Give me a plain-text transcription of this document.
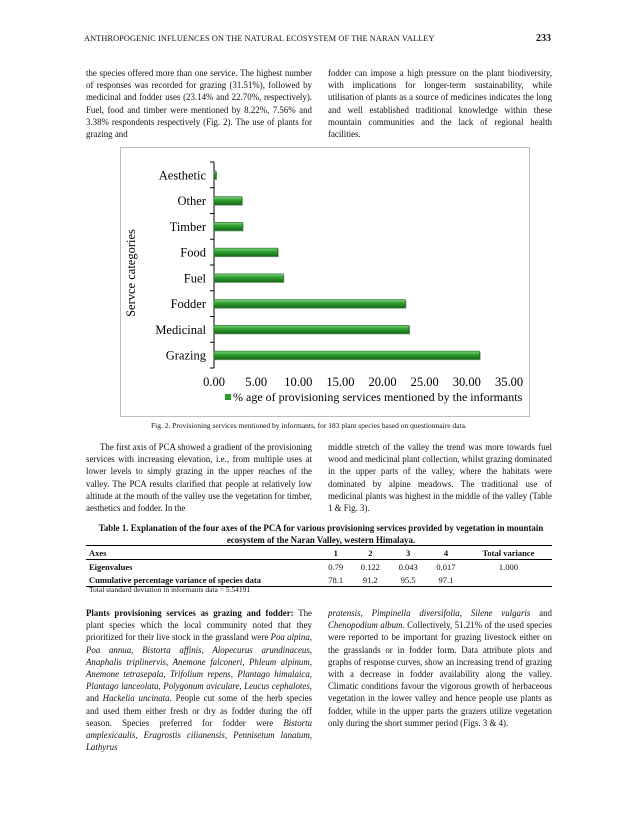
ANTHROPOGENIC INFLUENCES ON THE NATURAL ECOSYSTEM OF THE NARAN VALLEY	233

the species offered more than one service. The highest number of responses was recorded for grazing (31.51%), followed by medicinal and fodder uses (23.14% and 22.70%, respectively). Fuel, food and timber were mentioned by 8.22%, 7.56% and 3.38% respondents respectively (Fig. 2). The use of plants for grazing and

fodder can impose a high pressure on the plant biodiversity, with implications for longer-term sustainability, while utilisation of plants as a source of medicines indicates the long and well established traditional knowledge within these mountain communities and the lack of regional health facilities.

Aesthetic
Other
Timber
Food
Fuel
Fodder
Medicinal
Grazing
0.00 5.00 10.00 15.00 20.00 25.00 30.00 35.00
Servce categories
% age of provisioning services mentioned by the informants
Fig. 2. Provisioning services mentioned by informants, for 183 plant species based on questionnaire data.

The first axis of PCA showed a gradient of the provisioning services with increasing elevation, i.e., from multiple uses at lower levels to simply grazing in the upper reaches of the valley. The PCA results clarified that people at relatively low altitude at the mouth of the valley use the vegetation for timber, aesthetics and fodder. In the

middle stretch of the valley the trend was more towards fuel wood and medicinal plant collection, whilst grazing dominated in the upper parts of the valley, where the habitats were dominated by alpine meadows. The traditional use of medicinal plants was highest in the middle of the valley (Table 1 & Fig. 3).

Table 1. Explanation of the four axes of the PCA for various provisioning services provided by vegetation in mountain ecosystem of the Naran Valley, western Himalaya.
Axes	1	2	3	4	Total variance
Eigenvalues	0.79	0.122	0.043	0.017	1.000
Cumulative percentage variance of species data	78.1	91.2	95.5	97.1	
Total standard deviation in informants data = 5.54191

Plants provisioning services as grazing and fodder: The plant species which the local community noted that they prioritized for their live stock in the grassland were Poa alpina, Poa annua, Bistorta affinis, Alopecurus arundinaceus, Anaphalis triplinervis, Anemone falconeri, Phleum alpinum, Anemone tetrasepala, Trifolium repens, Plantago himalaica, Plantago lanceolata, Polygonum aviculare, Leucus cephalotes, and Hackelia uncinata. People cut some of the herb species and used them either fresh or dry as fodder during the off season. Species preferred for fodder were Bistorta amplexicaulis, Eragrostis cilianensis, Pennisetum lanatum, Lathyrus

pratensis, Pimpinella diversifolia, Silene vulgaris and Chenopodium album. Collectively, 51.21% of the used species were reported to be important for grazing livestock either on the grasslands or in fodder form. Data attribute plots and graphs of response curves, show an increasing trend of grazing with a decrease in fodder availability along the valley. Climatic conditions favour the vigorous growth of herbaceous vegetation in the lower valley and hence people use plants as fodder, while in the upper parts the grazers utilize vegetation only during the short summer period (Figs. 3 & 4).
